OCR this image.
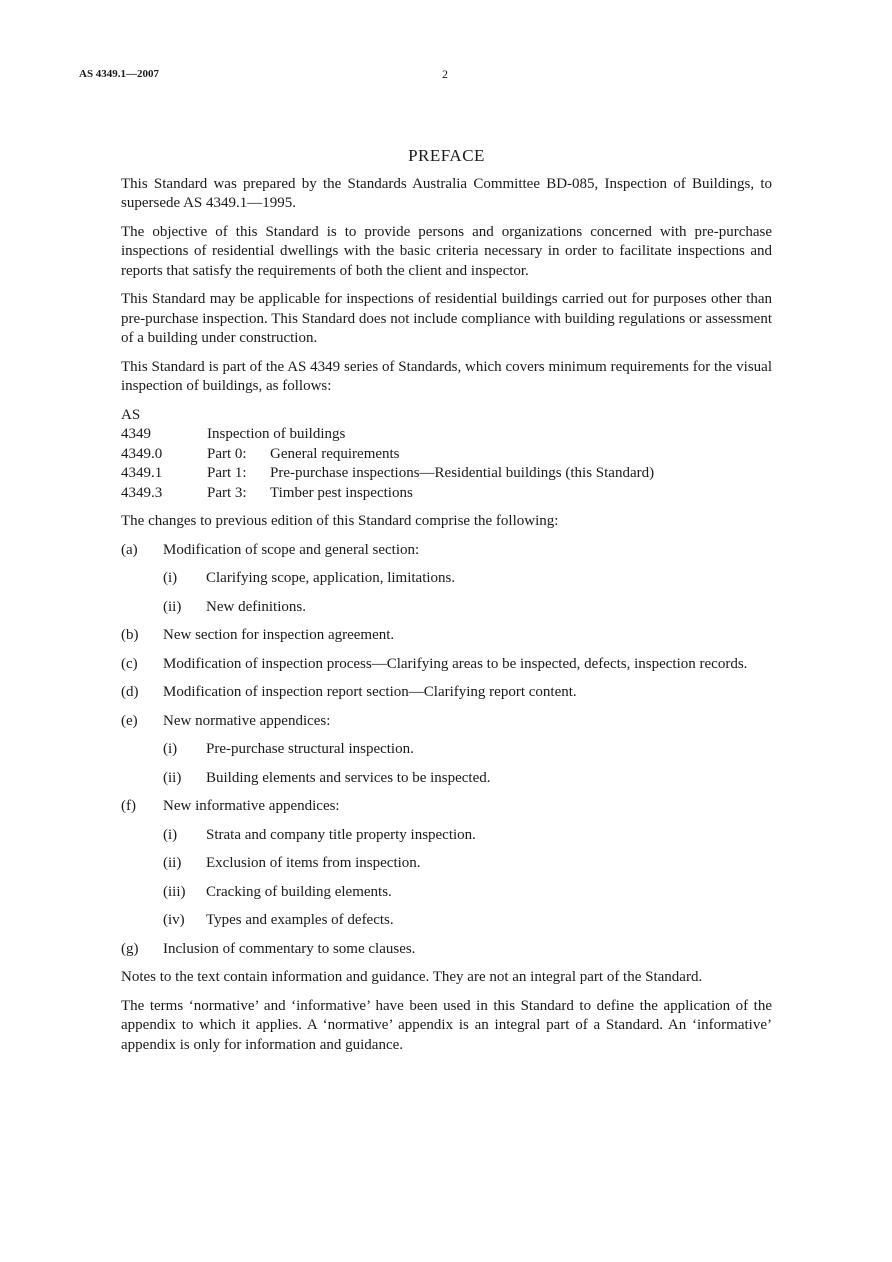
AS 4349.1—2007	2
PREFACE

This Standard was prepared by the Standards Australia Committee BD-085, Inspection of Buildings, to supersede AS 4349.1—1995.

The objective of this Standard is to provide persons and organizations concerned with pre-purchase inspections of residential dwellings with the basic criteria necessary in order to facilitate inspections and reports that satisfy the requirements of both the client and inspector.

This Standard may be applicable for inspections of residential buildings carried out for purposes other than pre-purchase inspection. This Standard does not include compliance with building regulations or assessment of a building under construction.

This Standard is part of the AS 4349 series of Standards, which covers minimum requirements for the visual inspection of buildings, as follows:

AS
4349	Inspection of buildings
4349.0	Part 0:	General requirements
4349.1	Part 1:	Pre-purchase inspections—Residential buildings (this Standard)
4349.3	Part 3:	Timber pest inspections

The changes to previous edition of this Standard comprise the following:

(a)	Modification of scope and general section:
(i)	Clarifying scope, application, limitations.
(ii)	New definitions.
(b)	New section for inspection agreement.
(c)	Modification of inspection process—Clarifying areas to be inspected, defects, inspection records.
(d)	Modification of inspection report section—Clarifying report content.
(e)	New normative appendices:
(i)	Pre-purchase structural inspection.
(ii)	Building elements and services to be inspected.
(f)	New informative appendices:
(i)	Strata and company title property inspection.
(ii)	Exclusion of items from inspection.
(iii)	Cracking of building elements.
(iv)	Types and examples of defects.
(g)	Inclusion of commentary to some clauses.

Notes to the text contain information and guidance. They are not an integral part of the Standard.

The terms ‘normative’ and ‘informative’ have been used in this Standard to define the application of the appendix to which it applies. A ‘normative’ appendix is an integral part of a Standard. An ‘informative’ appendix is only for information and guidance.
